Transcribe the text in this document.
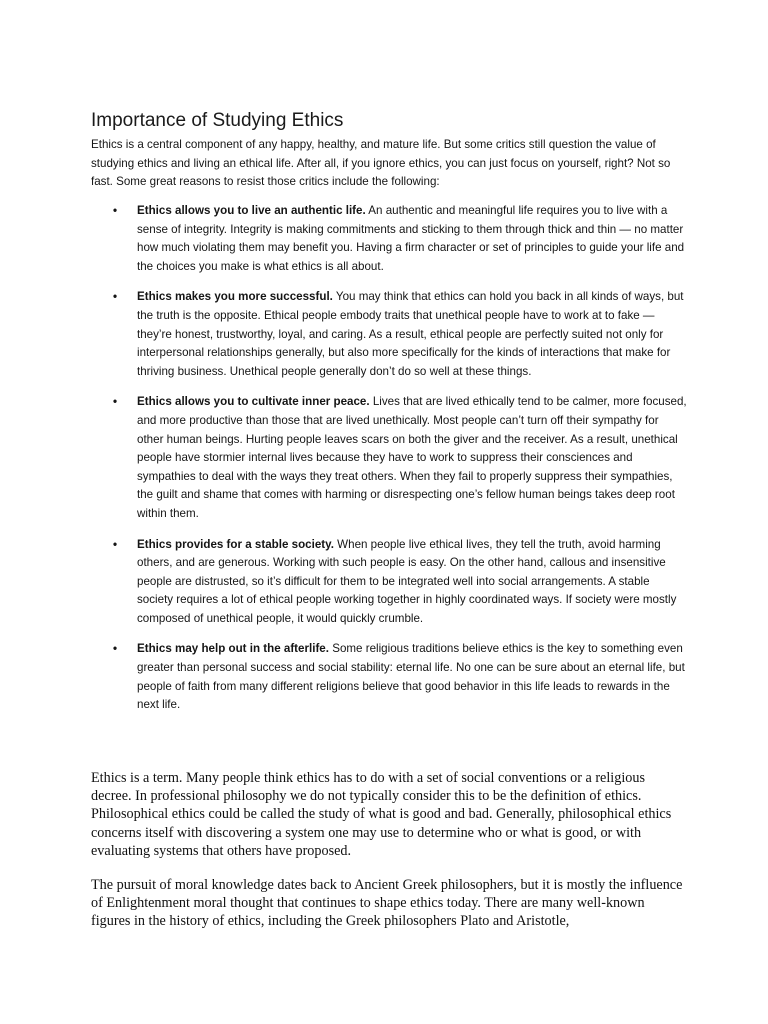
Importance of Studying Ethics

Ethics is a central component of any happy, healthy, and mature life. But some critics still question the value of studying ethics and living an ethical life. After all, if you ignore ethics, you can just focus on yourself, right? Not so fast. Some great reasons to resist those critics include the following:

• Ethics allows you to live an authentic life. An authentic and meaningful life requires you to live with a sense of integrity. Integrity is making commitments and sticking to them through thick and thin — no matter how much violating them may benefit you. Having a firm character or set of principles to guide your life and the choices you make is what ethics is all about.
• Ethics makes you more successful. You may think that ethics can hold you back in all kinds of ways, but the truth is the opposite. Ethical people embody traits that unethical people have to work at to fake — they’re honest, trustworthy, loyal, and caring. As a result, ethical people are perfectly suited not only for interpersonal relationships generally, but also more specifically for the kinds of interactions that make for thriving business. Unethical people generally don’t do so well at these things.
• Ethics allows you to cultivate inner peace. Lives that are lived ethically tend to be calmer, more focused, and more productive than those that are lived unethically. Most people can’t turn off their sympathy for other human beings. Hurting people leaves scars on both the giver and the receiver. As a result, unethical people have stormier internal lives because they have to work to suppress their consciences and sympathies to deal with the ways they treat others. When they fail to properly suppress their sympathies, the guilt and shame that comes with harming or disrespecting one’s fellow human beings takes deep root within them.
• Ethics provides for a stable society. When people live ethical lives, they tell the truth, avoid harming others, and are generous. Working with such people is easy. On the other hand, callous and insensitive people are distrusted, so it’s difficult for them to be integrated well into social arrangements. A stable society requires a lot of ethical people working together in highly coordinated ways. If society were mostly composed of unethical people, it would quickly crumble.
• Ethics may help out in the afterlife. Some religious traditions believe ethics is the key to something even greater than personal success and social stability: eternal life. No one can be sure about an eternal life, but people of faith from many different religions believe that good behavior in this life leads to rewards in the next life.

Ethics is a term. Many people think ethics has to do with a set of social conventions or a religious decree. In professional philosophy we do not typically consider this to be the definition of ethics. Philosophical ethics could be called the study of what is good and bad. Generally, philosophical ethics concerns itself with discovering a system one may use to determine who or what is good, or with evaluating systems that others have proposed.

The pursuit of moral knowledge dates back to Ancient Greek philosophers, but it is mostly the influence of Enlightenment moral thought that continues to shape ethics today. There are many well-known figures in the history of ethics, including the Greek philosophers Plato and Aristotle,
